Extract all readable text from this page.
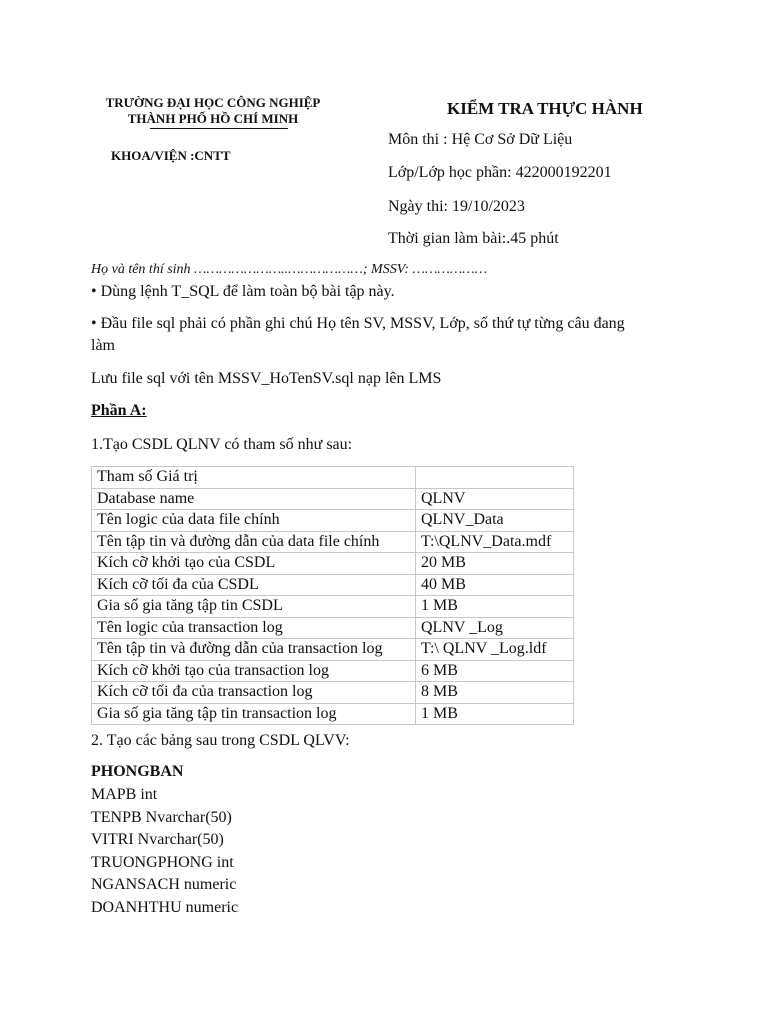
TRƯỜNG ĐẠI HỌC CÔNG NGHIỆP
THÀNH PHỐ HỒ CHÍ MINH
KHOA/VIỆN :CNTT
KIỂM TRA THỰC HÀNH
Môn thi : Hệ Cơ Sở Dữ Liệu
Lớp/Lớp học phần: 422000192201
Ngày thi: 19/10/2023
Thời gian làm bài:.45 phút
Họ và tên thí sinh …………………..………………; MSSV: ………………
• Dùng lệnh T_SQL để làm toàn bộ bài tập này.
• Đầu file sql phải có phần ghi chú Họ tên SV, MSSV, Lớp, số thứ tự từng câu đang làm
Lưu file sql với tên MSSV_HoTenSV.sql nạp lên LMS
Phần A:
1.Tạo CSDL QLNV có tham số như sau:
Tham số Giá trị	
Database name	QLNV
Tên logic của data file chính	QLNV_Data
Tên tập tin và đường dẫn của data file chính	T:\QLNV_Data.mdf
Kích cỡ khởi tạo của CSDL	20 MB
Kích cỡ tối đa của CSDL	40 MB
Gia số gia tăng tập tin CSDL	1 MB
Tên logic của transaction log	QLNV _Log
Tên tập tin và đường dẫn của transaction log	T:\ QLNV _Log.ldf
Kích cỡ khởi tạo của transaction log	6 MB
Kích cỡ tối đa của transaction log	8 MB
Gia số gia tăng tập tin transaction log	1 MB
2. Tạo các bảng sau trong CSDL QLVV:
PHONGBAN
MAPB int
TENPB Nvarchar(50)
VITRI Nvarchar(50)
TRUONGPHONG int
NGANSACH numeric
DOANHTHU numeric
